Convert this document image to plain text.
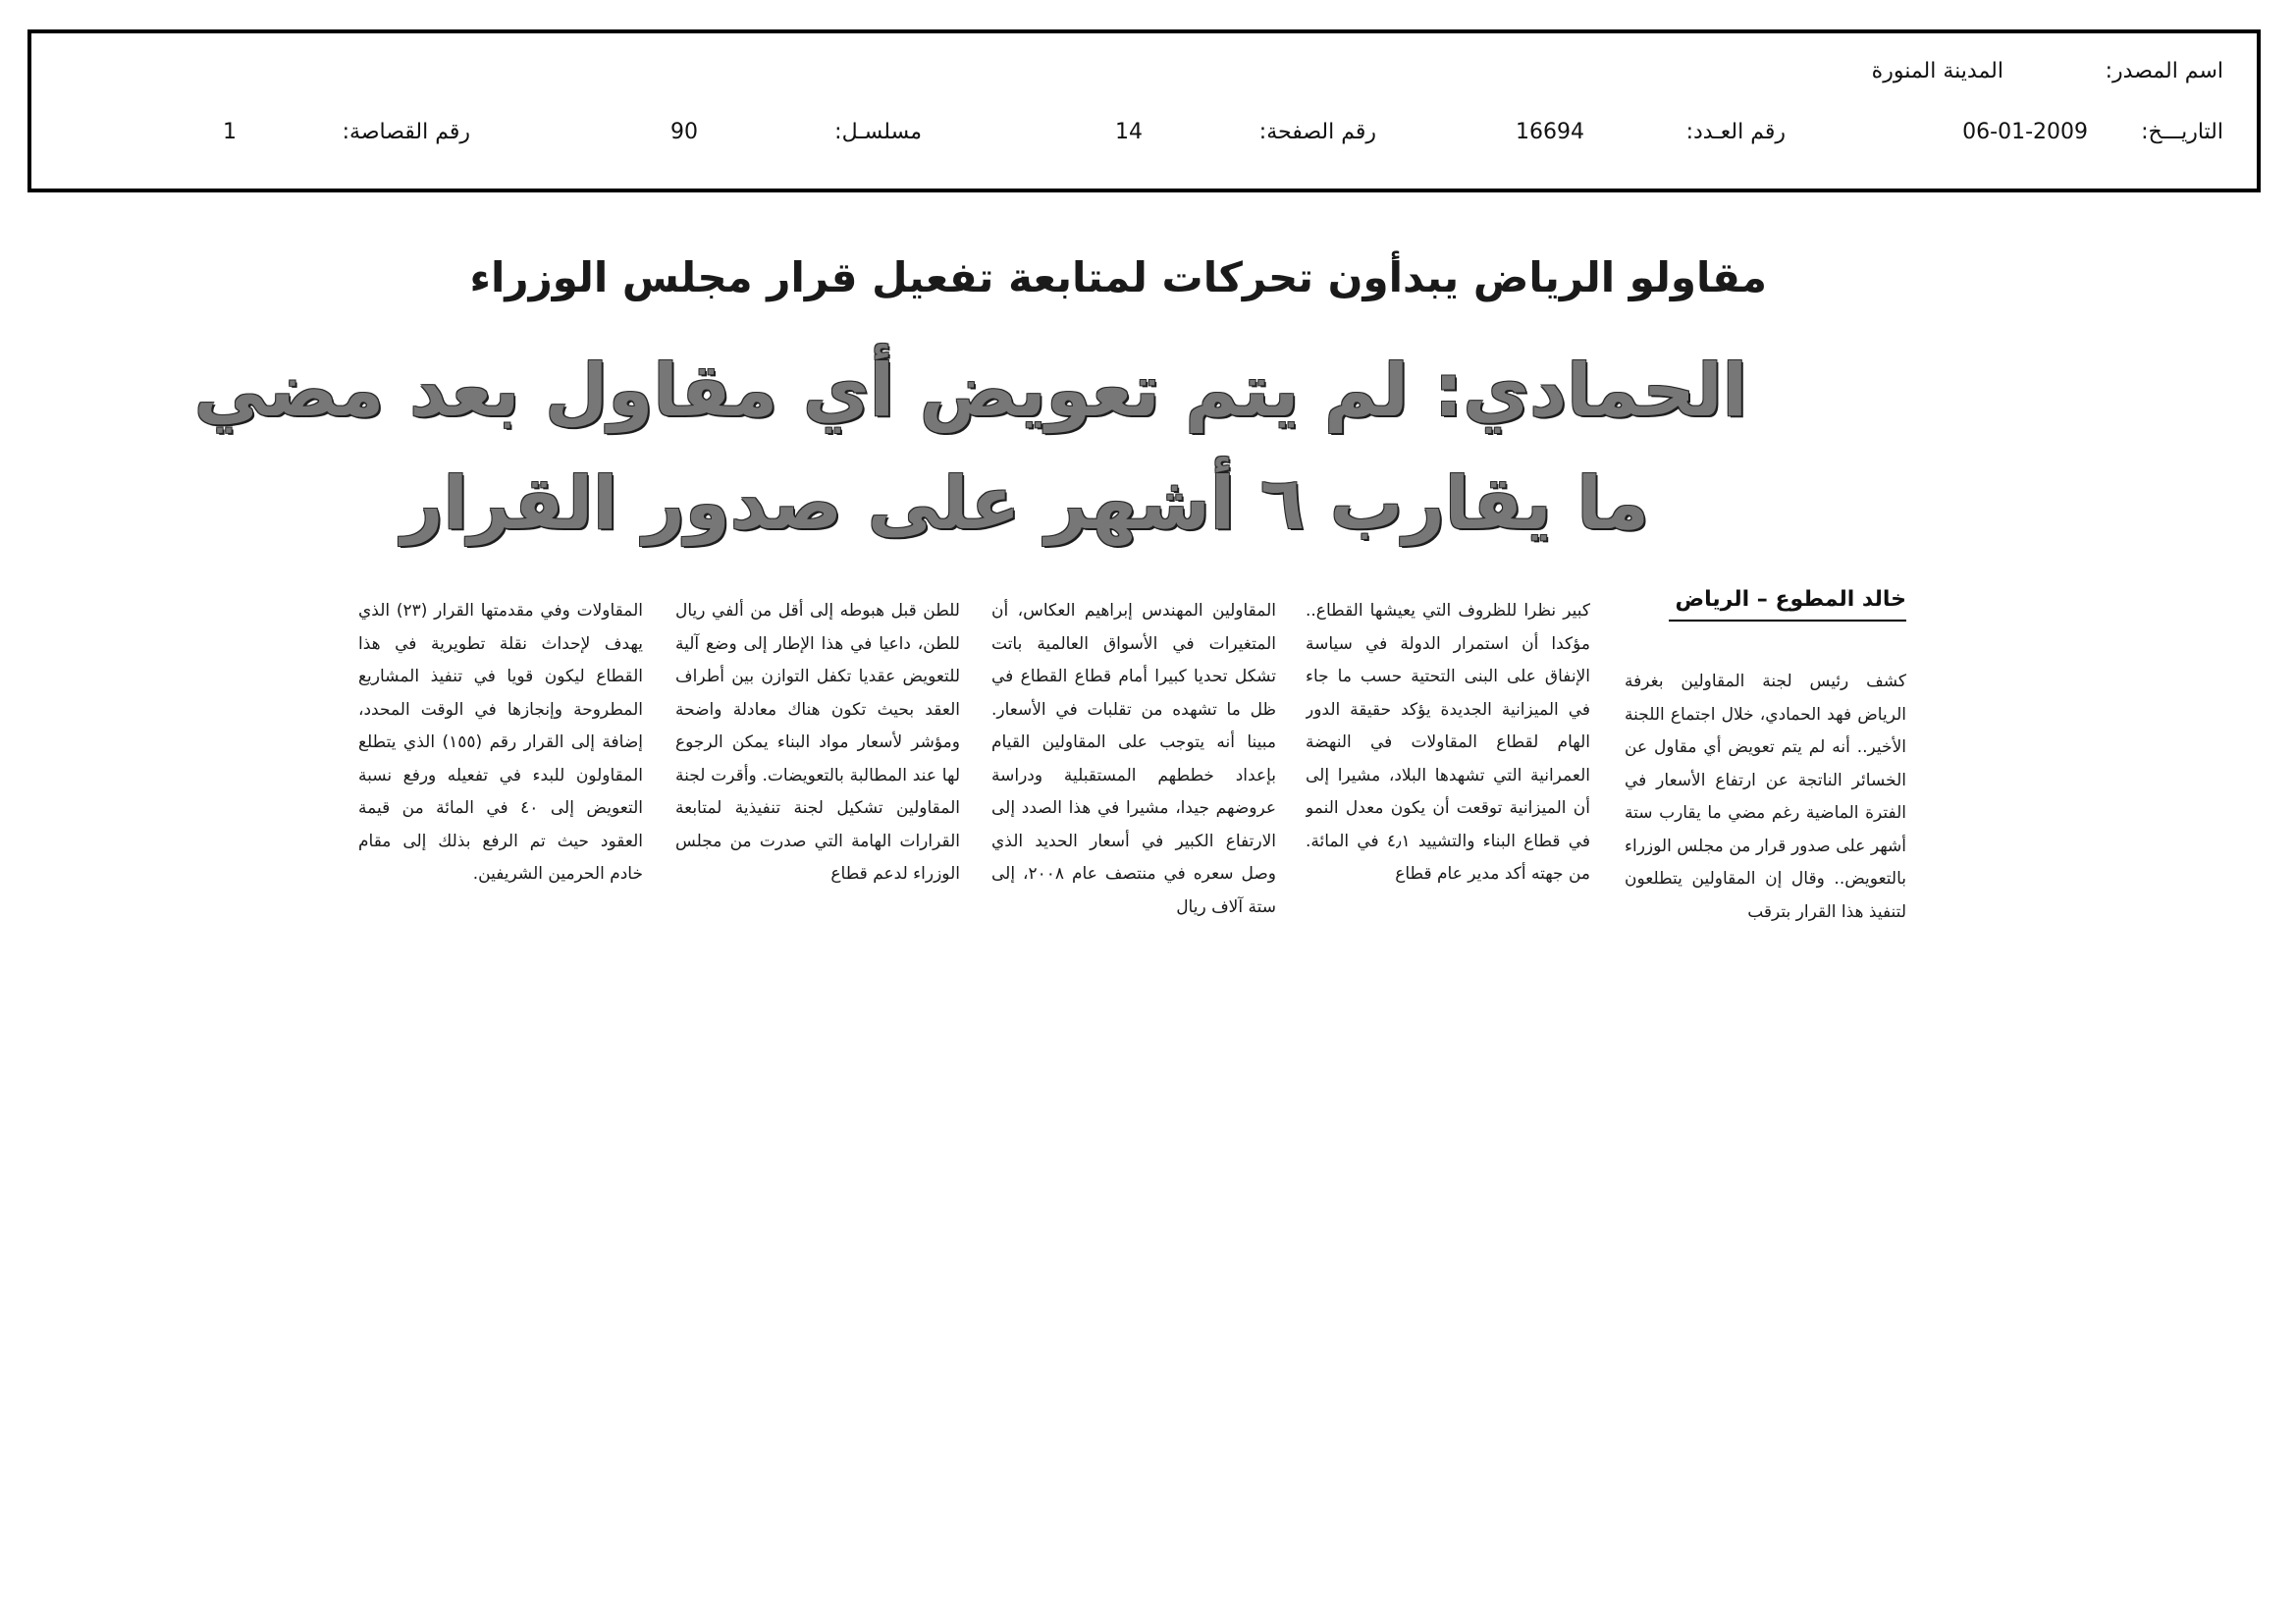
اسم المصدر:
المدينة المنورة
التاريـــخ:
06-01-2009
رقم العـدد:
16694
رقم الصفحة:
14
مسلسـل:
90
رقم القصاصة:
1
مقاولو الرياض يبدأون تحركات لمتابعة تفعيل قرار مجلس الوزراء
الحمادي: لم يتم تعويض أي مقاول بعد مضي
ما يقارب ٦ أشهر على صدور القرار
خالد المطوع – الرياض
كشف رئيس لجنة المقاولين بغرفة الرياض فهد الحمادي، خلال اجتماع اللجنة الأخير.. أنه لم يتم تعويض أي مقاول عن الخسائر الناتجة عن ارتفاع الأسعار في الفترة الماضية رغم مضي ما يقارب ستة أشهر على صدور قرار من مجلس الوزراء بالتعويض.. وقال إن المقاولين يتطلعون لتنفيذ هذا القرار بترقب
كبير نظرا للظروف التي يعيشها القطاع.. مؤكدا أن استمرار الدولة في سياسة الإنفاق على البنى التحتية حسب ما جاء في الميزانية الجديدة يؤكد حقيقة الدور الهام لقطاع المقاولات في النهضة العمرانية التي تشهدها البلاد، مشيرا إلى أن الميزانية توقعت أن يكون معدل النمو في قطاع البناء والتشييد ٤٫١ في المائة. من جهته أكد مدير عام قطاع
المقاولين المهندس إبراهيم العكاس، أن المتغيرات في الأسواق العالمية باتت تشكل تحديا كبيرا أمام قطاع القطاع في ظل ما تشهده من تقلبات في الأسعار. مبينا أنه يتوجب على المقاولين القيام بإعداد خططهم المستقبلية ودراسة عروضهم جيدا، مشيرا في هذا الصدد إلى الارتفاع الكبير في أسعار الحديد الذي وصل سعره في منتصف عام ٢٠٠٨، إلى ستة آلاف ريال
للطن قبل هبوطه إلى أقل من ألفي ريال للطن، داعيا في هذا الإطار إلى وضع آلية للتعويض عقديا تكفل التوازن بين أطراف العقد بحيث تكون هناك معادلة واضحة ومؤشر لأسعار مواد البناء يمكن الرجوع لها عند المطالبة بالتعويضات. وأقرت لجنة المقاولين تشكيل لجنة تنفيذية لمتابعة القرارات الهامة التي صدرت من مجلس الوزراء لدعم قطاع
المقاولات وفي مقدمتها القرار (٢٣) الذي يهدف لإحداث نقلة تطويرية في هذا القطاع ليكون قويا في تنفيذ المشاريع المطروحة وإنجازها في الوقت المحدد، إضافة إلى القرار رقم (١٥٥) الذي يتطلع المقاولون للبدء في تفعيله ورفع نسبة التعويض إلى ٤٠ في المائة من قيمة العقود حيث تم الرفع بذلك إلى مقام خادم الحرمين الشريفين.
